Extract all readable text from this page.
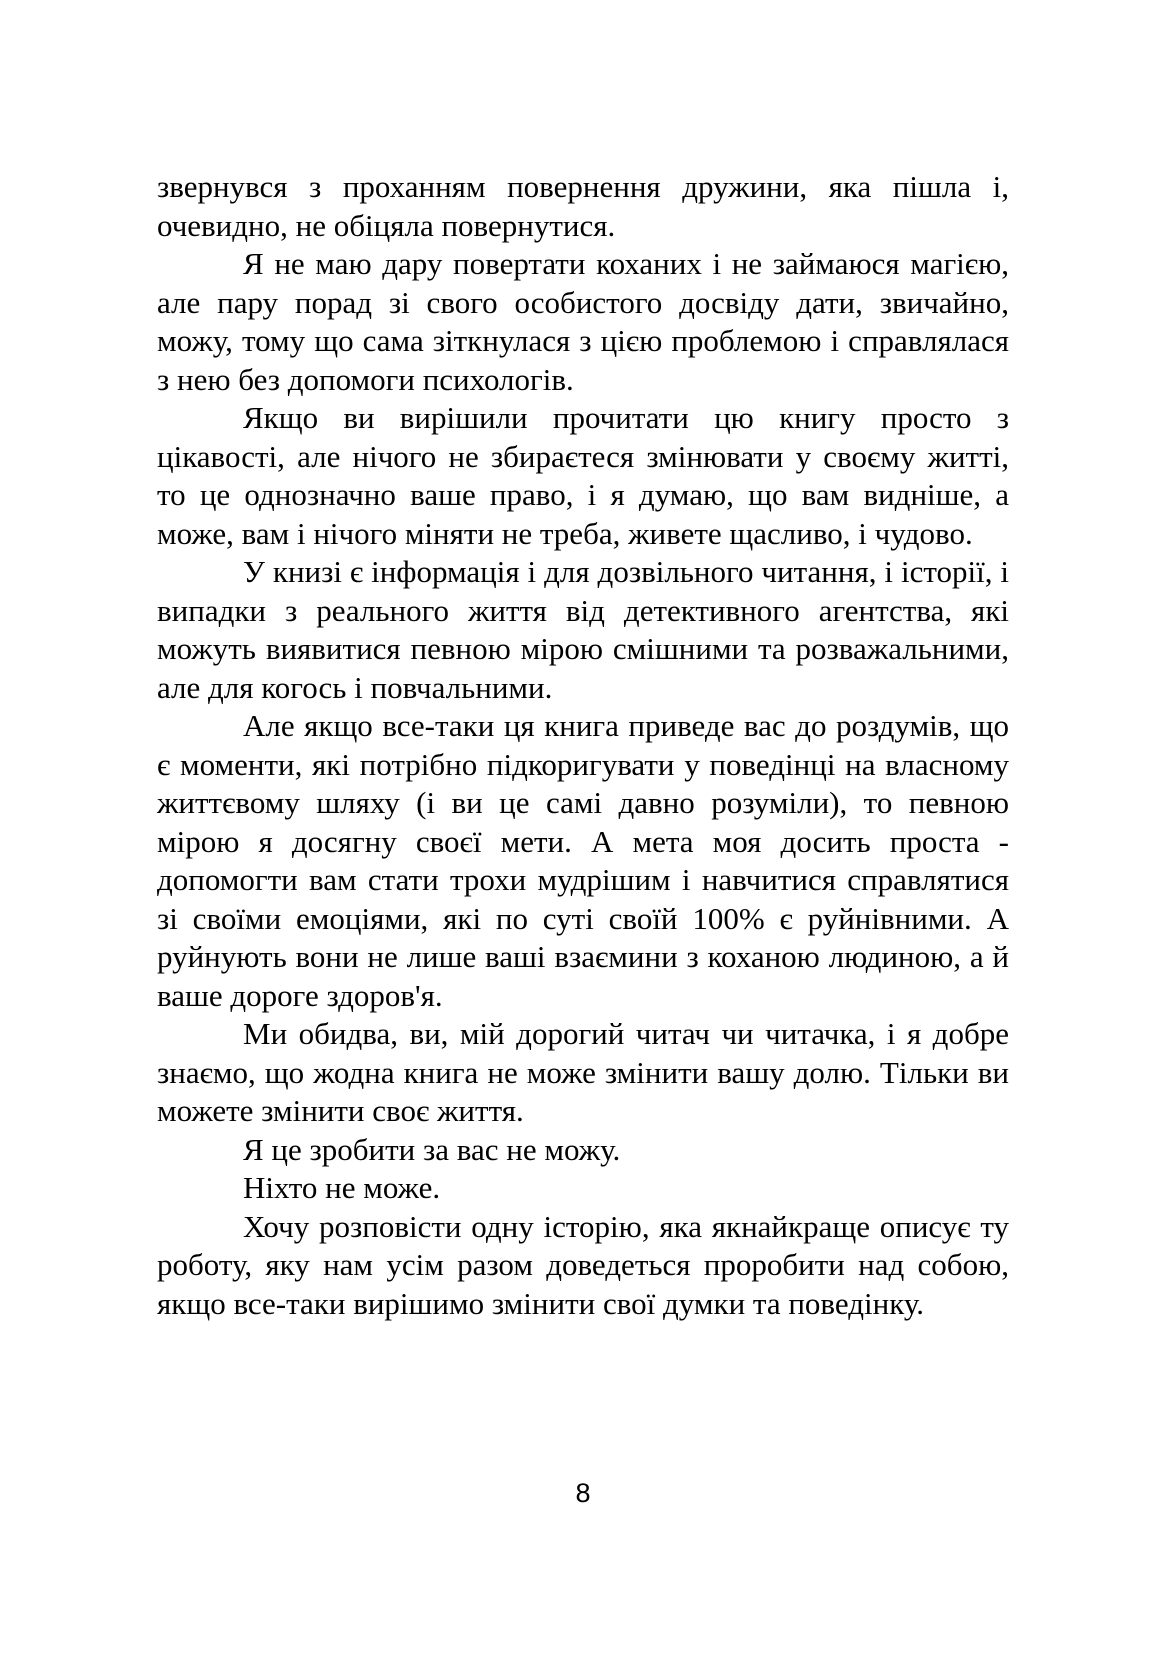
звернувся з проханням повернення дружини, яка пішла і, очевидно, не обіцяла повернутися.

Я не маю дару повертати коханих і не займаюся магією, але пару порад зі свого особистого досвіду дати, звичайно, можу, тому що сама зіткнулася з цією проблемою і справлялася з нею без допомоги психологів.

Якщо ви вирішили прочитати цю книгу просто з цікавості, але нічого не збираєтеся змінювати у своєму житті, то це однозначно ваше право, і я думаю, що вам видніше, а може, вам і нічого міняти не треба, живете щасливо, і чудово.

У книзі є інформація і для дозвільного читання, і історії, і випадки з реального життя від детективного агентства, які можуть виявитися певною мірою смішними та розважальними, але для когось і повчальними.

Але якщо все-таки ця книга приведе вас до роздумів, що є моменти, які потрібно підкоригувати у поведінці на власному життєвому шляху (і ви це самі давно розуміли), то певною мірою я досягну своєї мети. А мета моя досить проста - допомогти вам стати трохи мудрішим і навчитися справлятися зі своїми емоціями, які по суті своїй 100% є руйнівними. А руйнують вони не лише ваші взаємини з коханою людиною, а й ваше дороге здоров'я.

Ми обидва, ви, мій дорогий читач чи читачка, і я добре знаємо, що жодна книга не може змінити вашу долю. Тільки ви можете змінити своє життя.

Я це зробити за вас не можу.

Ніхто не може.

Хочу розповісти одну історію, яка якнайкраще описує ту роботу, яку нам усім разом доведеться проробити над собою, якщо все-таки вирішимо змінити свої думки та поведінку.

8
